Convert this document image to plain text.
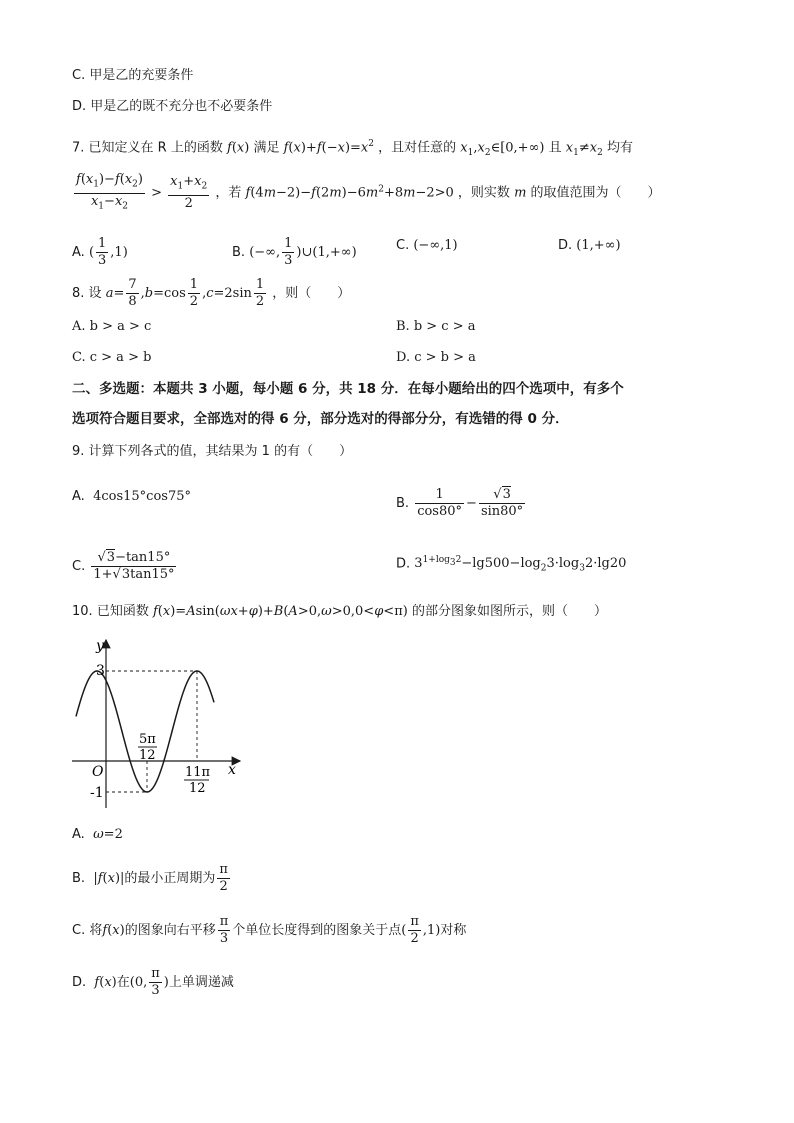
C. 甲是乙的充要条件
D. 甲是乙的既不充分也不必要条件
7. 已知定义在 R 上的函数 f(x) 满足 $f(x)+f(-x)=x^2$ ，且对任意的 $x_1,x_2\in[0,+\infty)$ 且 $x_1\ne x_2$ 均有
$\frac{f(x_1)-f(x_2)}{x_1-x_2} > \frac{x_1+x_2}{2}$ ，若 $f(4m-2)-f(2m)-6m^2+8m-2>0$ ，则实数 m 的取值范围为（　　）
A. ( $\frac{1}{3} ,1$)	B. (−∞, $\frac{1}{3}$ )∪(1,+∞)	C. (−∞,1)	D. (1,+∞)
8. 设 $a= \frac{7}{8} ,b=\cos \frac{1}{2} ,c=2\sin \frac{1}{2}$ ，则（　　）
A. b > a > c	B. b > c > a
C. c > a > b	D. c > b > a
二、多选题：本题共 3 小题，每小题 6 分，共 18 分．在每小题给出的四个选项中，有多个
选项符合题目要求，全部选对的得 6 分，部分选对的得部分分，有选错的得 0 分．
9. 计算下列各式的值，其结果为 1 的有（　　）
A.  4cos15°cos75°	B. $\frac{1}{\cos 80^\circ} - \frac{√3}{\sin 80^\circ}$
C. $\frac{√3-\tan 15^\circ}{1+√3\tan 15^\circ}$	D. $3^{1+log_32}-\lg 500-\log_23\cdot\log_32\cdot\lg 20$
10. 已知函数 f(x)=Asin(ωx+φ)+B(A>0,ω>0,0<φ<π) 的部分图象如图所示，则（　　）
y
x
O
3
-1
5π
12
11π
12
A.  ω=2
B.  |f(x)|的最小正周期为 $\frac{\pi}{2}$
C. 将f(x)的图象向右平移 $\frac{\pi}{3}$ 个单位长度得到的图象关于点( $\frac{\pi}{2} ,1$)对称
D.  f(x)在(0, $\frac{\pi}{3}$ )上单调递减
